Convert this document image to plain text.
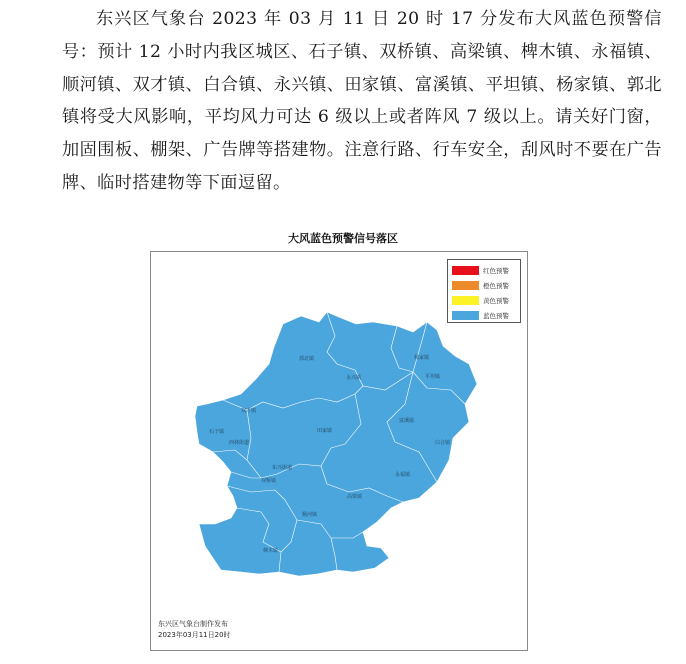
东兴区气象台 2023 年 03 月 11 日 20 时 17 分发布大风蓝色预警信号：预计 12 小时内我区城区、石子镇、双桥镇、高梁镇、椑木镇、永福镇、顺河镇、双才镇、白合镇、永兴镇、田家镇、富溪镇、平坦镇、杨家镇、郭北镇将受大风影响，平均风力可达 6 级以上或者阵风 7 级以上。请关好门窗，加固围板、棚架、广告牌等搭建物。注意行路、行车安全，刮风时不要在广告牌、临时搭建物等下面逗留。

大风蓝色预警信号落区
郭北镇	杨家镇
永兴镇	平坦镇
双才镇
富溪镇
田家镇
白合镇
石子镇
西林街道
东兴街道
永福镇
双桥镇
高梁镇
顺河镇
椑木镇
红色预警
橙色预警
黄色预警
蓝色预警
东兴区气象台制作发布
2023年03月11日20时
